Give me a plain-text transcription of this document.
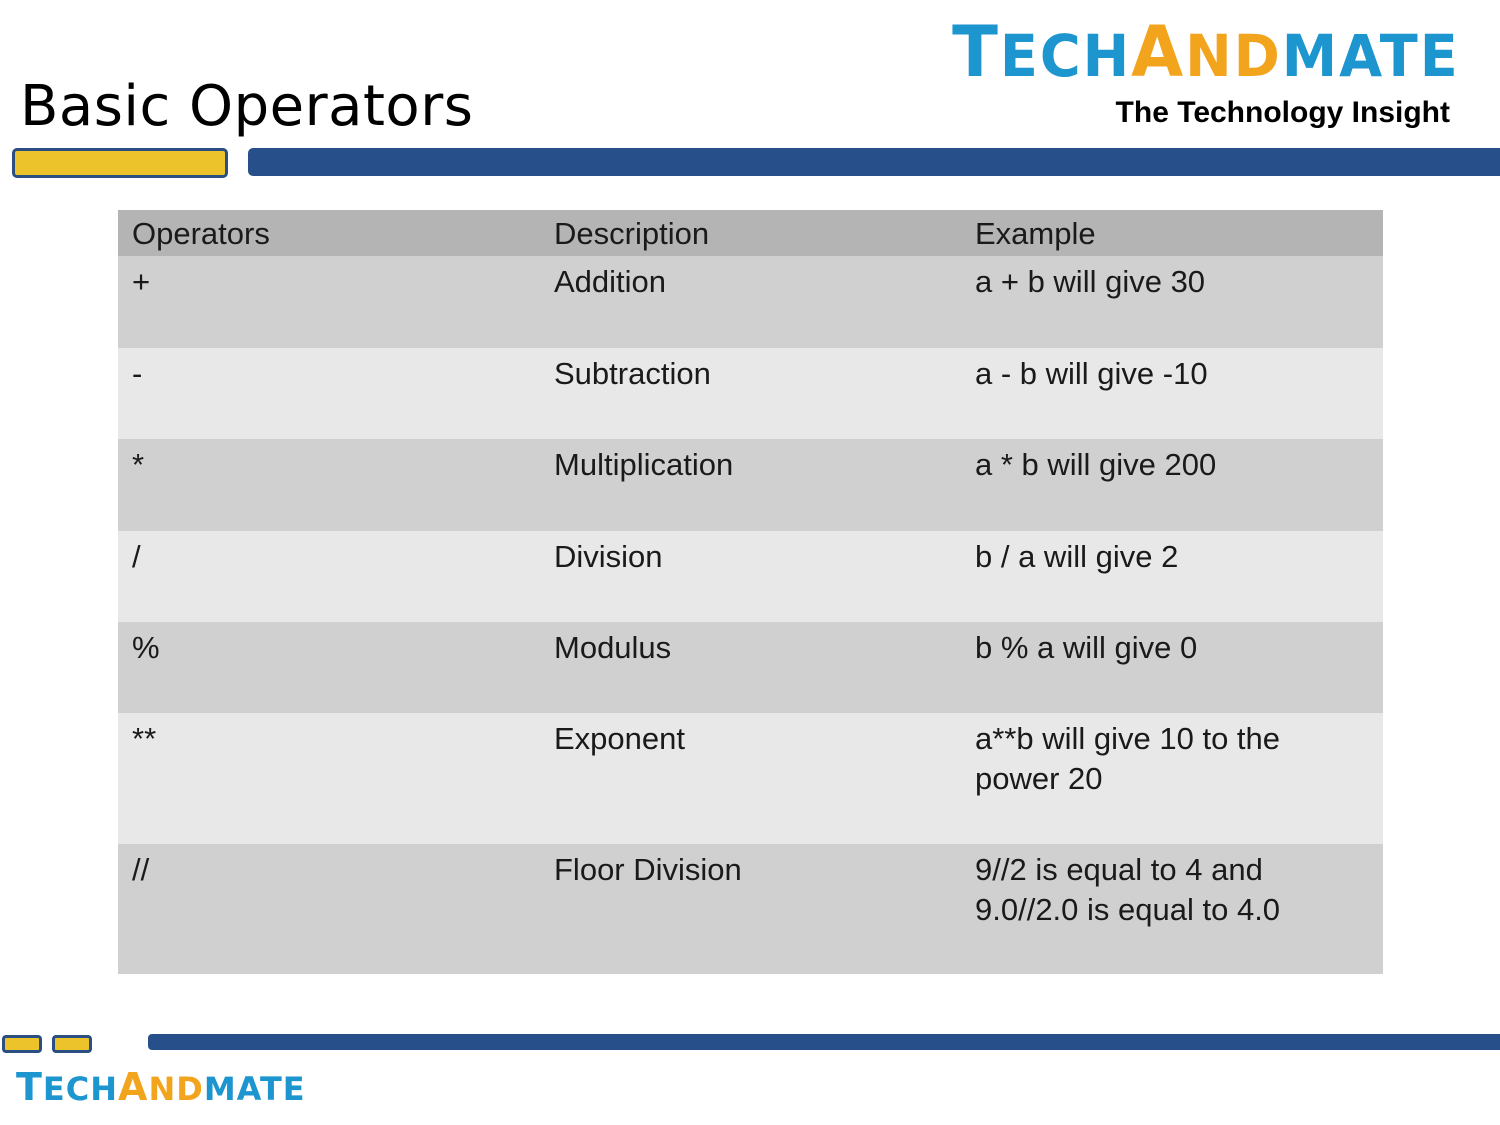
Basic Operators
TECHANDMATE
The Technology Insight
Operators	Description	Example
+	Addition	a + b will give 30
-	Subtraction	a - b will give -10
*	Multiplication	a * b will give 200
/	Division	b / a will give 2
%	Modulus	b % a will give 0
**	Exponent	a**b will give 10 to the power 20
//	Floor Division	9//2 is equal to 4 and 9.0//2.0 is equal to 4.0
TECHANDMATE
